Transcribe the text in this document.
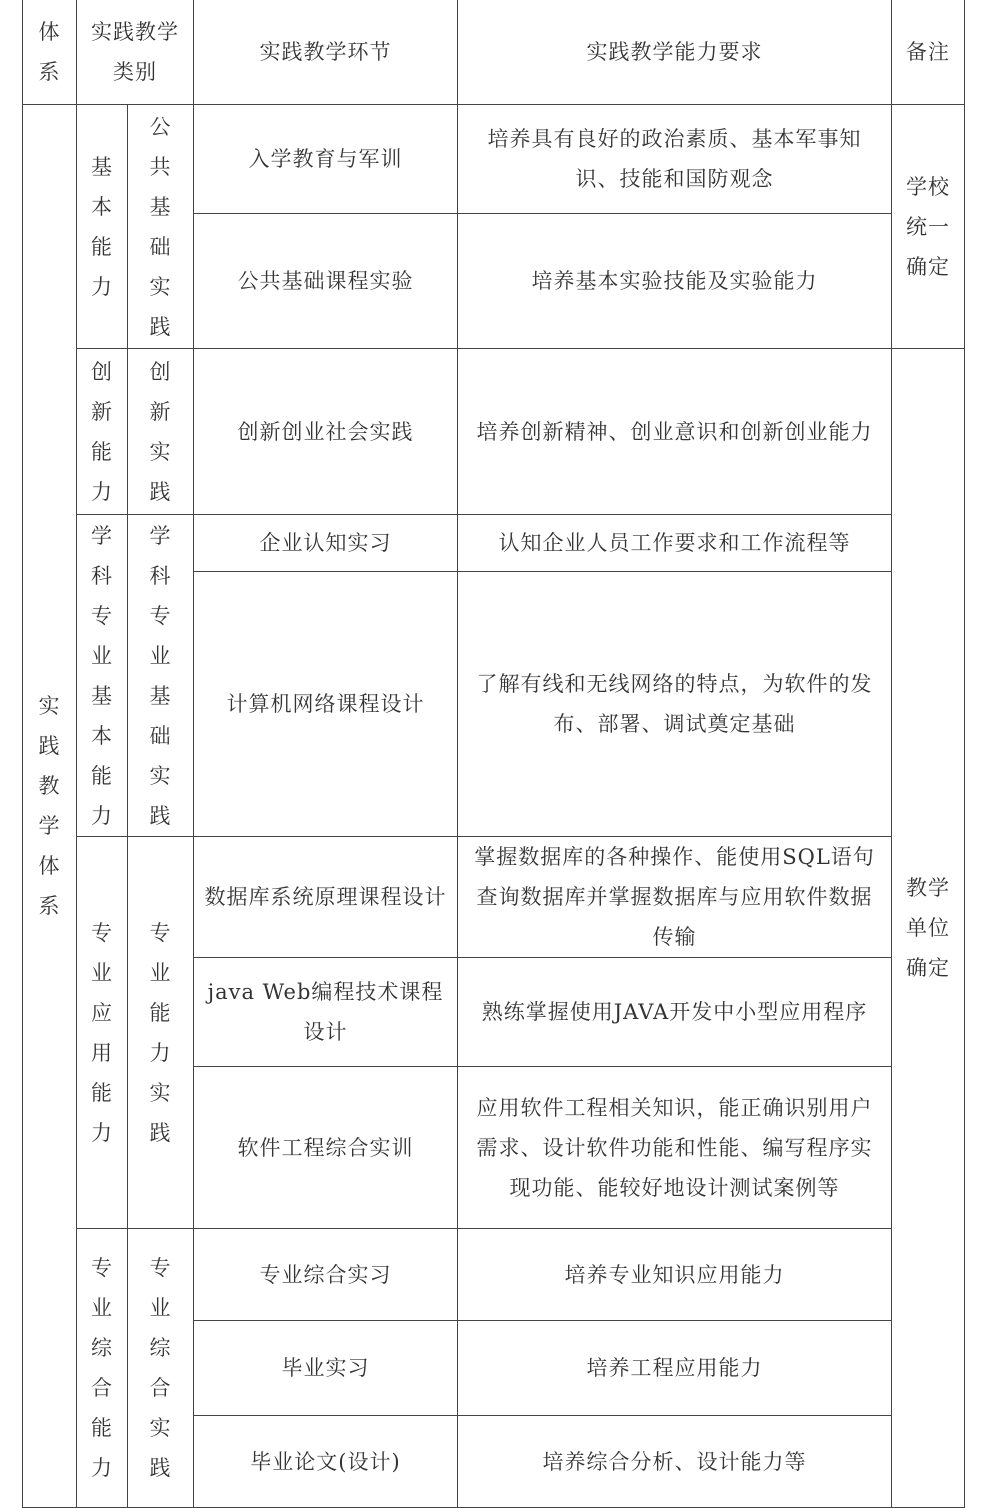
体系	实践教学类别		实践教学环节	实践教学能力要求	备注
实践教学体系	基本能力	公共基础实践	入学教育与军训	培养具有良好的政治素质、基本军事知识、技能和国防观念	学校统一确定

			公共基础课程实验	培养基本实验技能及实验能力	

	创新能力	创新实践	创新创业社会实践	培养创新精神、创业意识和创新创业能力	教学单位确定
	学科专业基本能力	学科专业基础实践	企业认知实习	认知企业人员工作要求和工作流程等	

			计算机网络课程设计	了解有线和无线网络的特点，为软件的发布、部署、调试奠定基础	

	专业应用能力	专业能力实践	数据库系统原理课程设计	掌握数据库的各种操作、能使用SQL语句查询数据库并掌握数据库与应用软件数据传输	

			java Web编程技术课程设计	熟练掌握使用JAVA开发中小型应用程序	

			软件工程综合实训	应用软件工程相关知识，能正确识别用户需求、设计软件功能和性能、编写程序实现功能、能较好地设计测试案例等	

	专业综合能力	专业综合实践	专业综合实习	培养专业知识应用能力	

			毕业实习	培养工程应用能力	

			毕业论文(设计)	培养综合分析、设计能力等	
